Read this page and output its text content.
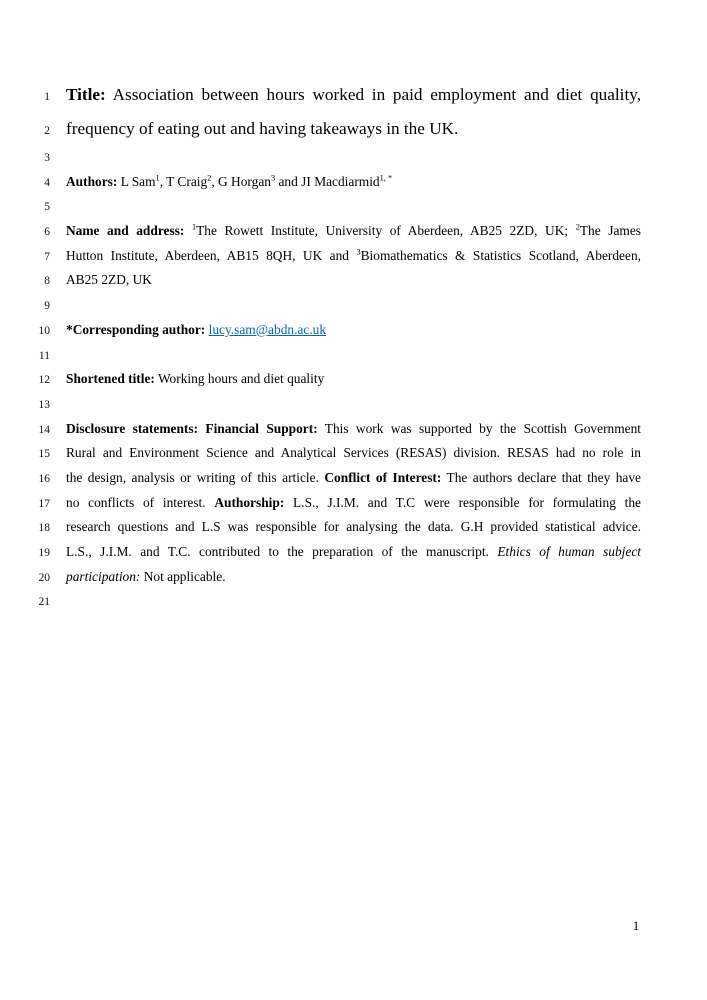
1 Title: Association between hours worked in paid employment and diet quality,
2 frequency of eating out and having takeaways in the UK.
3
4 Authors: L Sam$^1$, T Craig$^2$, G Horgan$^3$ and JI Macdiarmid$^{1, *}$
5
6 Name and address: $^1$The Rowett Institute, University of Aberdeen, AB25 2ZD, UK; $^2$The James
7 Hutton Institute, Aberdeen, AB15 8QH, UK and $^3$Biomathematics & Statistics Scotland, Aberdeen,
8 AB25 2ZD, UK
9
10 *Corresponding author: lucy.sam@abdn.ac.uk
11
12 Shortened title: Working hours and diet quality
13
14 Disclosure statements: Financial Support: This work was supported by the Scottish Government
15 Rural and Environment Science and Analytical Services (RESAS) division. RESAS had no role in
16 the design, analysis or writing of this article. Conflict of Interest: The authors declare that they have
17 no conflicts of interest. Authorship: L.S., J.I.M. and T.C were responsible for formulating the
18 research questions and L.S was responsible for analysing the data. G.H provided statistical advice.
19 L.S., J.I.M. and T.C. contributed to the preparation of the manuscript. Ethics of human subject
20 participation: Not applicable.
21
1
